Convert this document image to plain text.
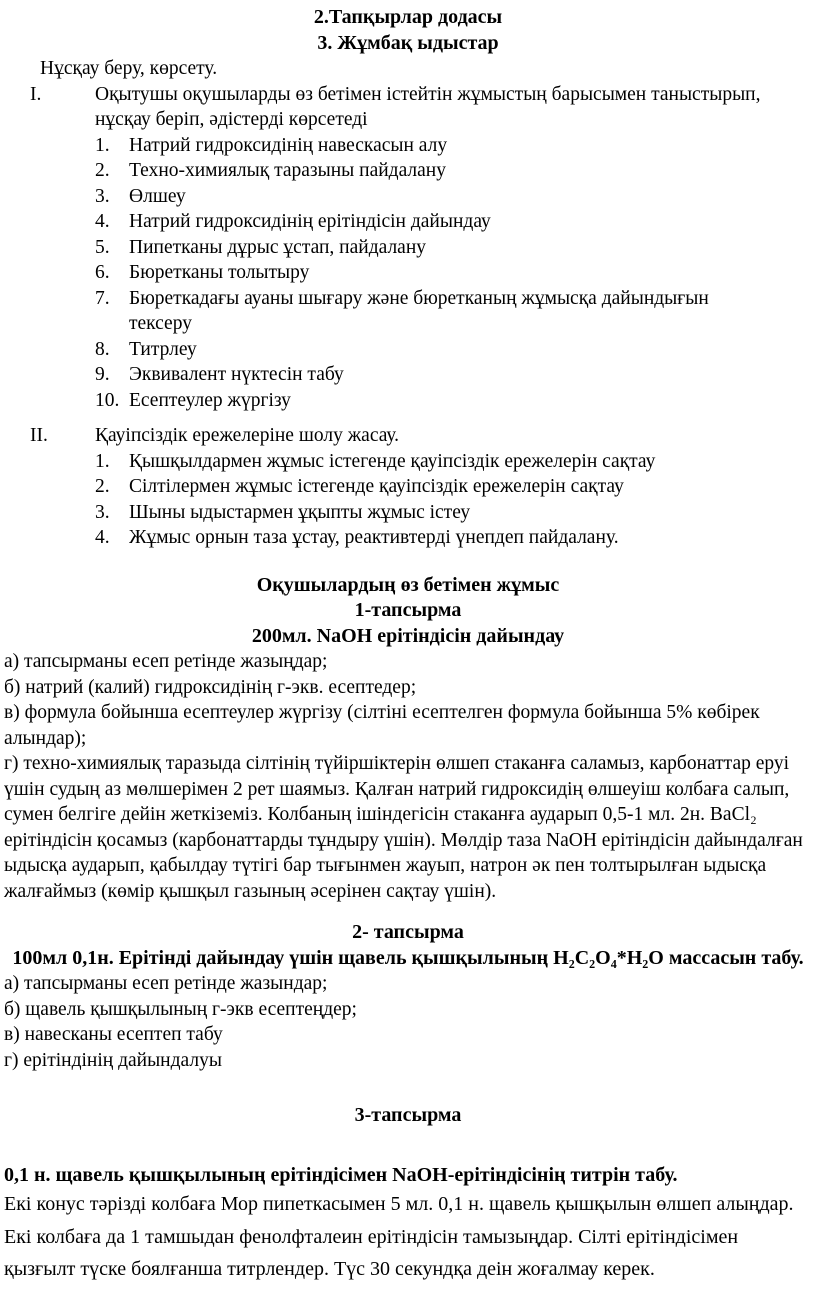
2.Тапқырлар додасы
3. Жұмбақ ыдыстар
Нұсқау беру, көрсету.
I.	Оқытушы оқушыларды өз бетімен істейтін жұмыстың барысымен таныстырып, нұсқау беріп, әдістерді көрсетеді
1. Натрий гидроксидінің навескасын алу
2. Техно-химиялық таразыны пайдалану
3. Өлшеу
4. Натрий гидроксидінің ерітіндісін дайындау
5. Пипетканы дұрыс ұстап, пайдалану
6. Бюретканы толытыру
7. Бюреткадағы ауаны шығару және бюретканың жұмысқа дайындығын тексеру
8. Титрлеу
9. Эквивалент нүктесін табу
10. Есептеулер жүргізу
II.	Қауіпсіздік ережелеріне шолу жасау.
1. Қышқылдармен жұмыс істегенде қауіпсіздік ережелерін сақтау
2. Сілтілермен жұмыс істегенде қауіпсіздік ережелерін сақтау
3. Шыны ыдыстармен ұқыпты жұмыс істеу
4. Жұмыс орнын таза ұстау, реактивтерді үнепдеп пайдалану.
Оқушылардың өз бетімен жұмыс
1-тапсырма
200мл. NaOH ерітіндісін дайындау
а) тапсырманы есеп ретінде жазыңдар;
б) натрий (калий) гидроксидінің г-экв. есептедер;
в) формула бойынша есептеулер жүргізу (сілтіні есептелген формула бойынша 5% көбірек алындар);
г) техно-химиялық таразыда сілтінің түйіршіктерін өлшеп стаканға саламыз, карбонаттар еруі үшін судың аз мөлшерімен 2 рет шаямыз. Қалған натрий гидроксидің өлшеуіш колбаға салып, сумен белгіге дейін жеткіземіз. Колбаның ішіндегісін стаканға аударып 0,5-1 мл. 2н. BaCl₂ ерітіндісін қосамыз (карбонаттарды тұндыру үшін). Мөлдір таза NaOH ерітіндісін дайындалған ыдысқа аударып, қабылдау түтігі бар тығынмен жауып, натрон әк пен толтырылған ыдысқа жалғаймыз (көмір қышқыл газының әсерінен сақтау үшін).
2- тапсырма
100мл 0,1н. Ерітінді дайындау үшін щавель қышқылының H₂C₂O₄*H₂O массасын табу.
а) тапсырманы есеп ретінде жазындар;
б) щавель қышқылының г-экв есептеңдер;
в) навесканы есептеп табу
г) ерітіндінің дайындалуы
3-тапсырма
0,1 н. щавель қышқылының ерітіндісімен NaOH-ерітіндісінің титрін табу.
Екі конус тәрізді колбаға Мор пипеткасымен 5 мл. 0,1 н. щавель қышқылын өлшеп алыңдар. Екі колбаға да 1 тамшыдан фенолфталеин ерітіндісін тамызыңдар. Сілті ерітіндісімен қызғылт түске боялғанша титрлендер. Түс 30 секундқа деін жоғалмау керек.
